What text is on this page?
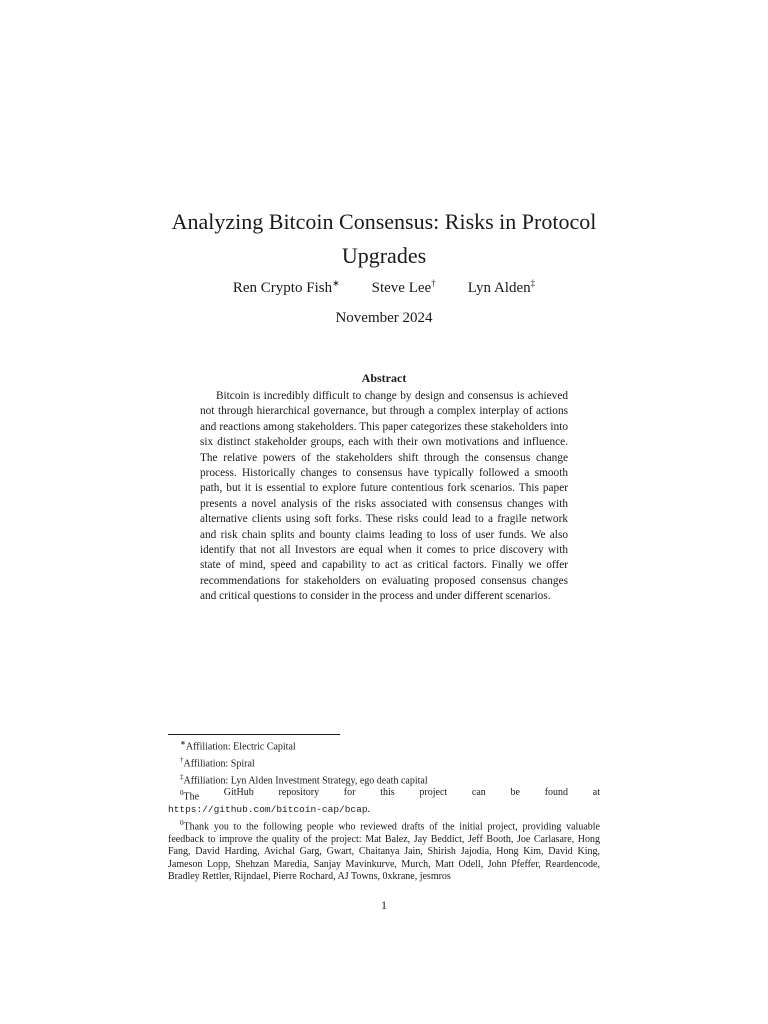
Analyzing Bitcoin Consensus: Risks in Protocol Upgrades
Ren Crypto Fish∗ Steve Lee† Lyn Alden‡
November 2024
Abstract
Bitcoin is incredibly difficult to change by design and consensus is achieved not through hierarchical governance, but through a complex interplay of actions and reactions among stakeholders. This paper categorizes these stakeholders into six distinct stakeholder groups, each with their own motivations and influence. The relative powers of the stakeholders shift through the consensus change process. Historically changes to consensus have typically followed a smooth path, but it is essential to explore future contentious fork scenarios. This paper presents a novel analysis of the risks associated with consensus changes with alternative clients using soft forks. These risks could lead to a fragile network and risk chain splits and bounty claims leading to loss of user funds. We also identify that not all Investors are equal when it comes to price discovery with state of mind, speed and capability to act as critical factors. Finally we offer recommendations for stakeholders on evaluating proposed consensus changes and critical questions to consider in the process and under different scenarios.

∗Affiliation: Electric Capital

†Affiliation: Spiral

‡Affiliation: Lyn Alden Investment Strategy, ego death capital

$^0$The GitHub repository for this project can be found at

https://github.com/bitcoin-cap/bcap.

$^0$Thank you to the following people who reviewed drafts of the initial project, providing valuable feedback to improve the quality of the project: Mat Balez, Jay Beddict, Jeff Booth, Joe Carlasare, Hong Fang, David Harding, Avichal Garg, Gwart, Chaitanya Jain, Shirish Jajodia, Hong Kim, David King, Jameson Lopp, Shehzan Maredia, Sanjay Mavinkurve, Murch, Matt Odell, John Pfeffer, Reardencode, Bradley Rettler, Rijndael, Pierre Rochard, AJ Towns, 0xkrane, jesmros

1
